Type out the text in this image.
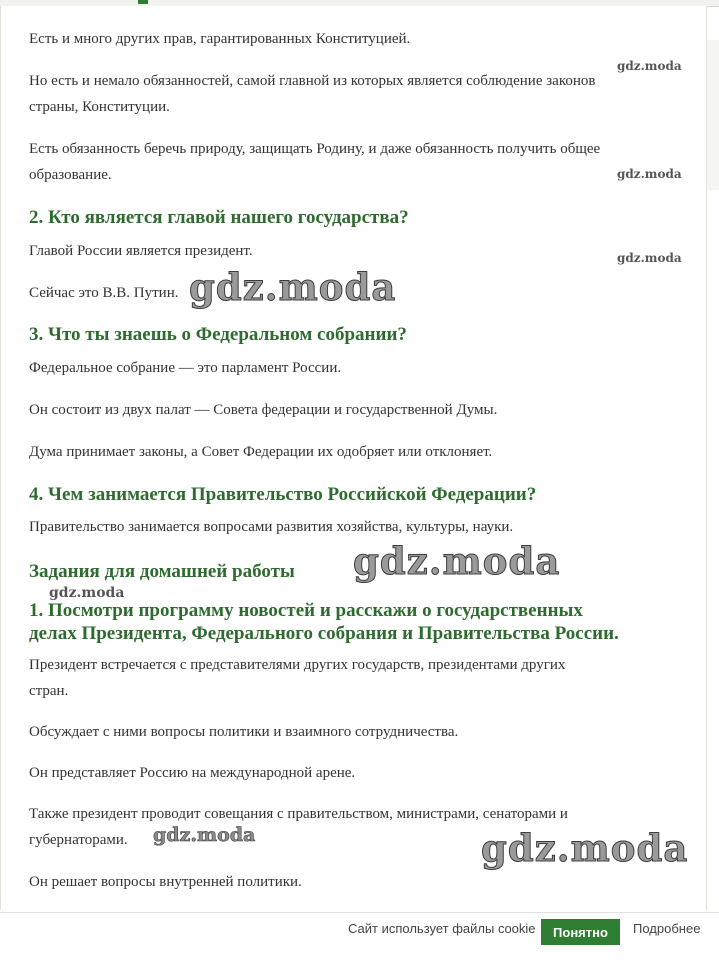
Есть и много других прав, гарантированных Конституцией.

Но есть и немало обязанностей, самой главной из которых является соблюдение законов

страны, Конституции.

Есть обязанность беречь природу, защищать Родину, и даже обязанность получить общее

образование.

2. Кто является главой нашего государства?

Главой России является президент.

Сейчас это В.В. Путин.

3. Что ты знаешь о Федеральном собрании?

Федеральное собрание — это парламент России.

Он состоит из двух палат — Совета федерации и государственной Думы.

Дума принимает законы, а Совет Федерации их одобряет или отклоняет.

4. Чем занимается Правительство Российской Федерации?

Правительство занимается вопросами развития хозяйства, культуры, науки.

Задания для домашней работы
1. Посмотри программу новостей и расскажи о государственных
делах Президента, Федерального собрания и Правительства России.

Президент встречается с представителями других государств, президентами других

стран.

Обсуждает с ними вопросы политики и взаимного сотрудничества.

Он представляет Россию на международной арене.

Также президент проводит совещания с правительством, министрами, сенаторами и

губернаторами.

Он решает вопросы внутренней политики.

gdz.moda
gdz.moda
gdz.moda
gdz.moda
gdz.moda
gdz.moda
gdz.moda	gdz.moda
Сайт использует файлы cookie	Понятно	Подробнее
